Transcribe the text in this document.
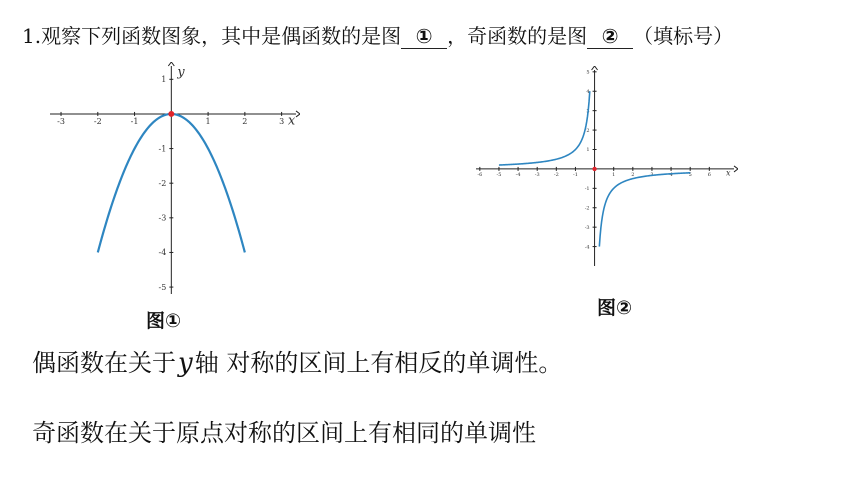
1.观察下列函数图象，其中是偶函数的是图 ① ，奇函数的是图 ② （填标号）
-3	-2	-1	1	2	3
1
-1
-2
-3
-4
-5
x
y
-6	-5	-4	-3	-2	-1	1	2	3	4	5	6
5
4
3
2
1
-1
-2
-3
-4
x
图①
图②
偶函数在关于y轴 对称的区间上有相反的单调性。
奇函数在关于原点对称的区间上有相同的单调性
